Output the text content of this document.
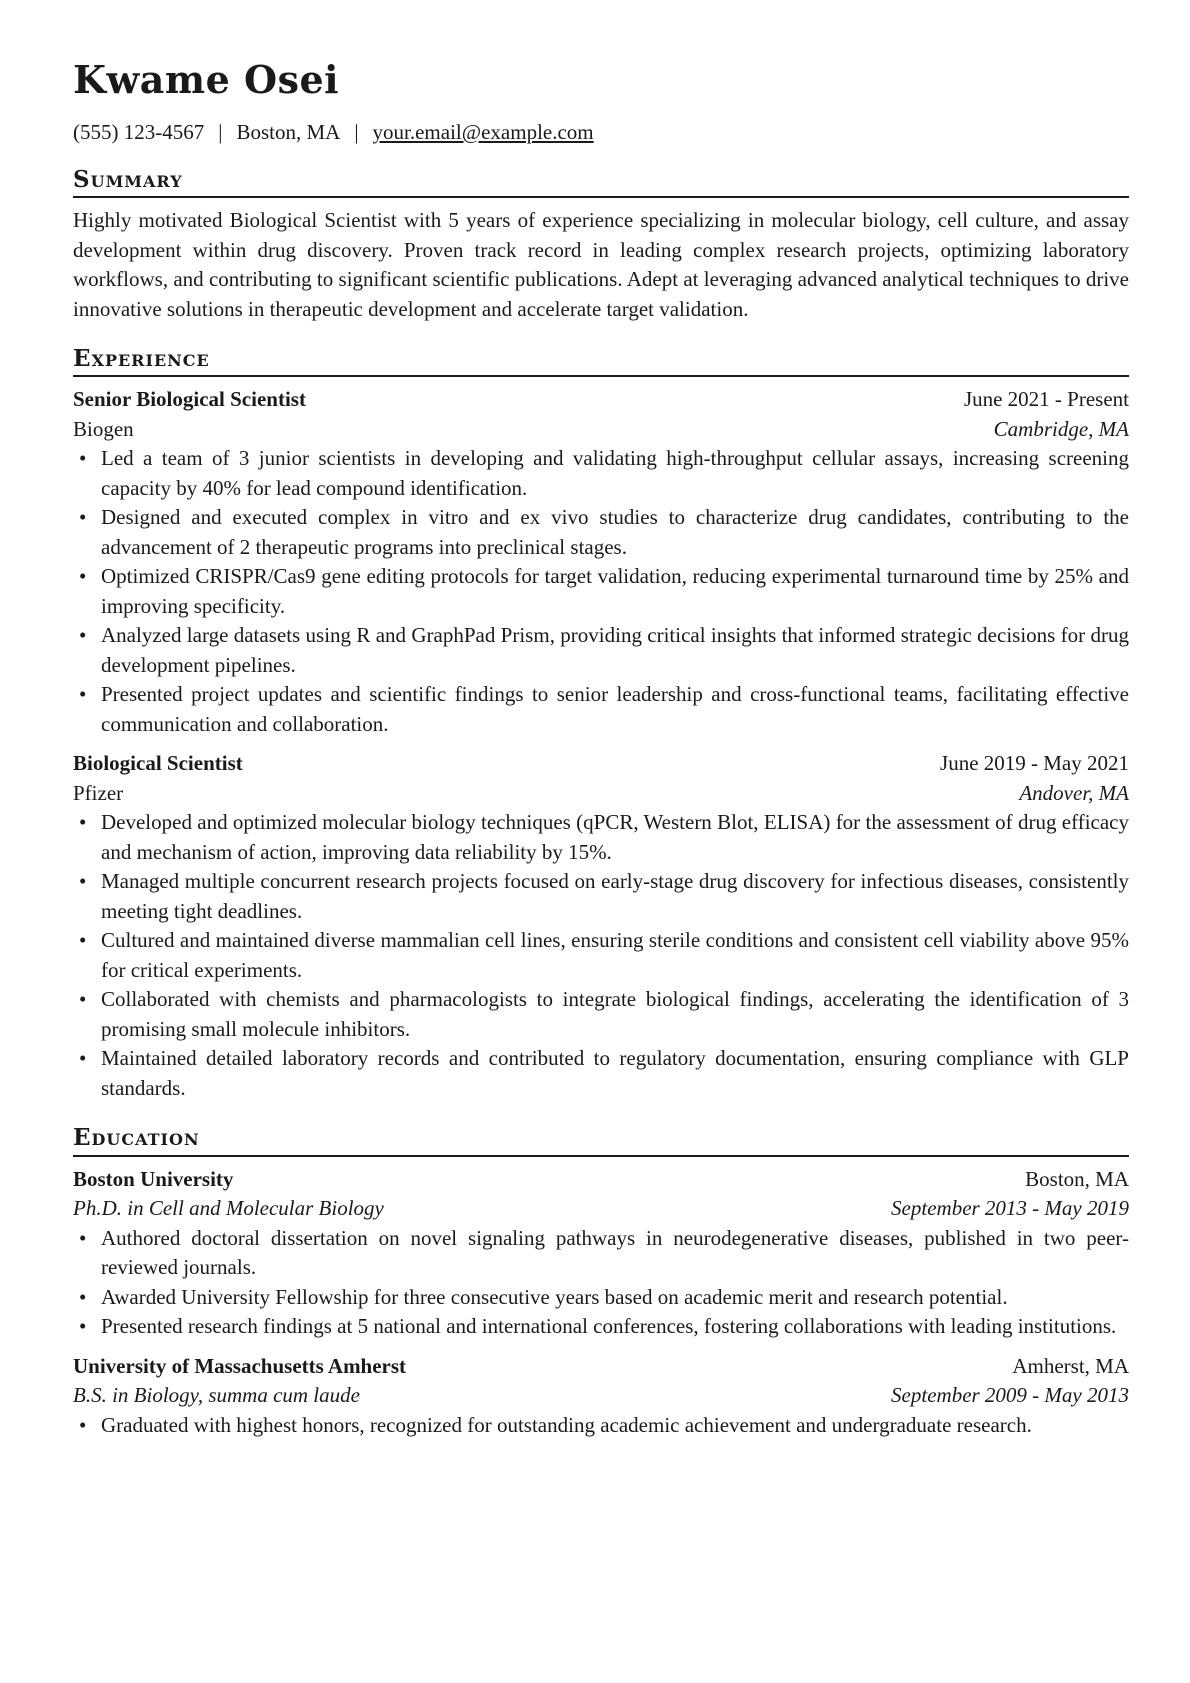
Kwame Osei
(555) 123-4567 | Boston, MA | your.email@example.com
Summary

Highly motivated Biological Scientist with 5 years of experience specializing in molecular biology, cell culture, and assay development within drug discovery. Proven track record in leading complex research projects, optimizing laboratory workflows, and contributing to significant scientific publications. Adept at leveraging advanced analytical techniques to drive innovative solutions in therapeutic development and accelerate target validation.

Experience
Senior Biological Scientist	June 2021 - Present
Biogen	Cambridge, MA
• Led a team of 3 junior scientists in developing and validating high-throughput cellular assays, increasing screening capacity by 40% for lead compound identification.
• Designed and executed complex in vitro and ex vivo studies to characterize drug candidates, contributing to the advancement of 2 therapeutic programs into preclinical stages.
• Optimized CRISPR/Cas9 gene editing protocols for target validation, reducing experimental turnaround time by 25% and improving specificity.
• Analyzed large datasets using R and GraphPad Prism, providing critical insights that informed strategic decisions for drug development pipelines.
• Presented project updates and scientific findings to senior leadership and cross-functional teams, facilitating effective communication and collaboration.
Biological Scientist	June 2019 - May 2021
Pfizer	Andover, MA
• Developed and optimized molecular biology techniques (qPCR, Western Blot, ELISA) for the assessment of drug efficacy and mechanism of action, improving data reliability by 15%.
• Managed multiple concurrent research projects focused on early-stage drug discovery for infectious diseases, consistently meeting tight deadlines.
• Cultured and maintained diverse mammalian cell lines, ensuring sterile conditions and consistent cell viability above 95% for critical experiments.
• Collaborated with chemists and pharmacologists to integrate biological findings, accelerating the identification of 3 promising small molecule inhibitors.
• Maintained detailed laboratory records and contributed to regulatory documentation, ensuring compliance with GLP standards.
Education
Boston University	Boston, MA
Ph.D. in Cell and Molecular Biology	September 2013 - May 2019
• Authored doctoral dissertation on novel signaling pathways in neurodegenerative diseases, published in two peer-reviewed journals.
• Awarded University Fellowship for three consecutive years based on academic merit and research potential.
• Presented research findings at 5 national and international conferences, fostering collaborations with leading institutions.
University of Massachusetts Amherst	Amherst, MA
B.S. in Biology, summa cum laude	September 2009 - May 2013
• Graduated with highest honors, recognized for outstanding academic achievement and undergraduate research.
